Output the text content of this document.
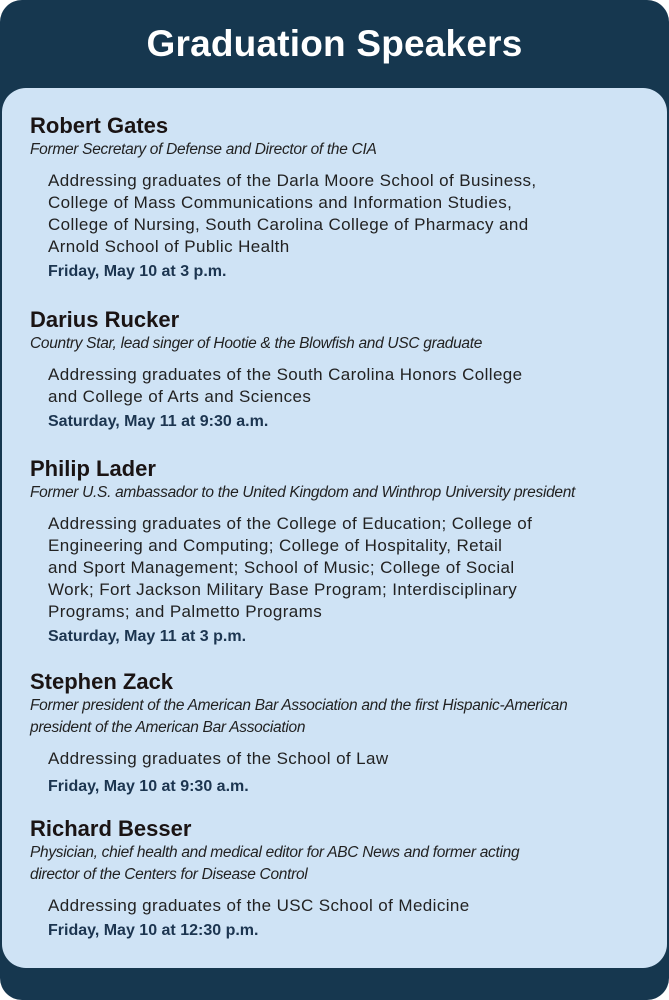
Graduation Speakers
Robert Gates
Former Secretary of Defense and Director of the CIA
Addressing graduates of the Darla Moore School of Business,
College of Mass Communications and Information Studies,
College of Nursing, South Carolina College of Pharmacy and
Arnold School of Public Health
Friday, May 10 at 3 p.m.
Darius Rucker
Country Star, lead singer of Hootie & the Blowfish and USC graduate
Addressing graduates of the South Carolina Honors College
and College of Arts and Sciences
Saturday, May 11 at 9:30 a.m.
Philip Lader
Former U.S. ambassador to the United Kingdom and Winthrop University president
Addressing graduates of the College of Education; College of
Engineering and Computing; College of Hospitality, Retail
and Sport Management; School of Music; College of Social
Work; Fort Jackson Military Base Program; Interdisciplinary
Programs; and Palmetto Programs
Saturday, May 11 at 3 p.m.
Stephen Zack
Former president of the American Bar Association and the first Hispanic-American
president of the American Bar Association
Addressing graduates of the School of Law
Friday, May 10 at 9:30 a.m.
Richard Besser
Physician, chief health and medical editor for ABC News and former acting
director of the Centers for Disease Control
Addressing graduates of the USC School of Medicine
Friday, May 10 at 12:30 p.m.
